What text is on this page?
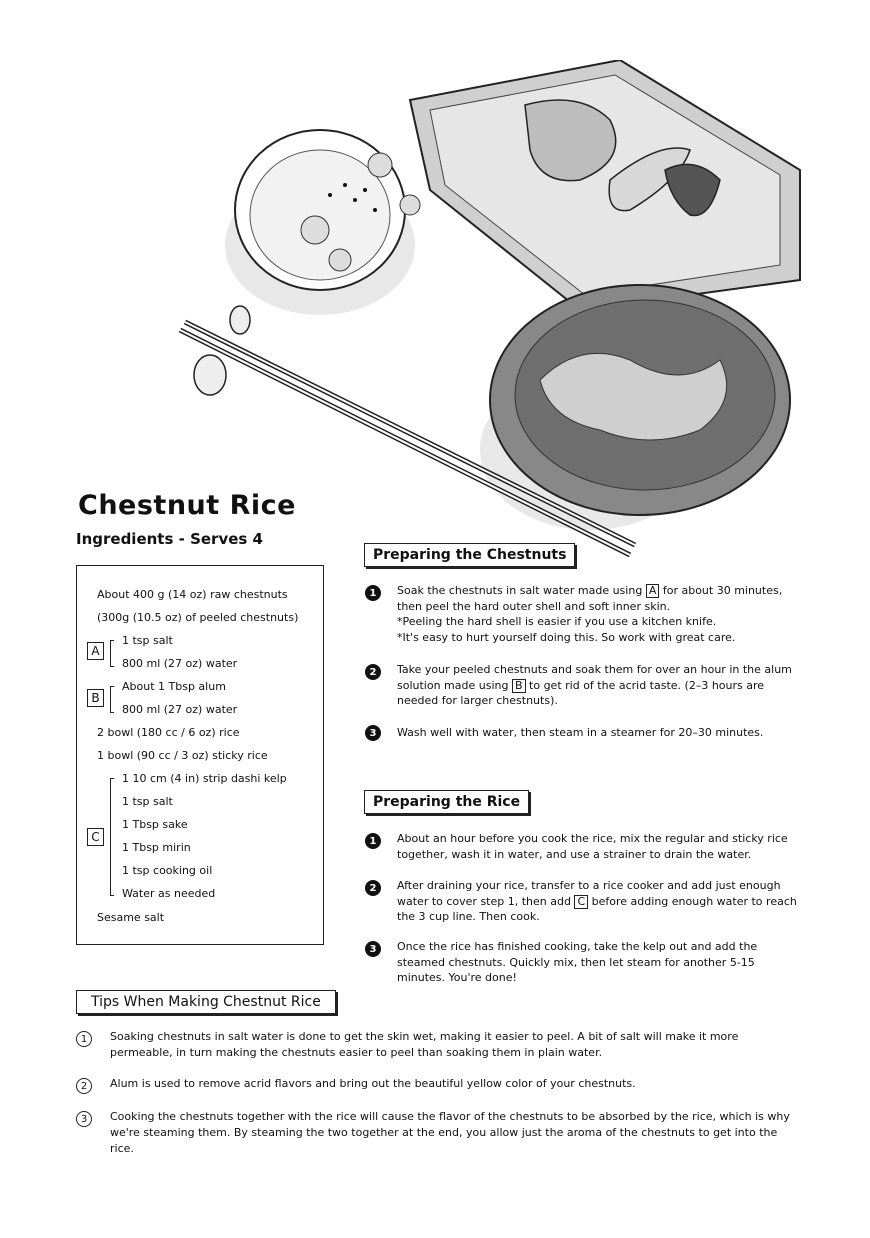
Chestnut Rice
Ingredients - Serves 4
About 400 g (14 oz) raw chestnuts
(300g (10.5 oz) of peeled chestnuts)
A
1 tsp salt
800 ml (27 oz) water
B
About 1 Tbsp alum
800 ml (27 oz) water
2 bowl (180 cc / 6 oz) rice
1 bowl (90 cc / 3 oz) sticky rice
C
1 10 cm (4 in) strip dashi kelp
1 tsp salt
1 Tbsp sake
1 Tbsp mirin
1 tsp cooking oil
Water as needed
Sesame salt
Preparing the Chestnuts
1	Soak the chestnuts in salt water made using A for about 30 minutes, then peel the hard outer shell and soft inner skin.
*Peeling the hard shell is easier if you use a kitchen knife.
*It's easy to hurt yourself doing this. So work with great care.
2	Take your peeled chestnuts and soak them for over an hour in the alum solution made using B to get rid of the acrid taste. (2–3 hours are needed for larger chestnuts).
3	Wash well with water, then steam in a steamer for 20–30 minutes.
Preparing the Rice
1	About an hour before you cook the rice, mix the regular and sticky rice together, wash it in water, and use a strainer to drain the water.
2	After draining your rice, transfer to a rice cooker and add just enough water to cover step 1, then add C before adding enough water to reach the 3 cup line. Then cook.
3	Once the rice has finished cooking, take the kelp out and add the steamed chestnuts. Quickly mix, then let steam for another 5-15 minutes. You're done!
Tips When Making Chestnut Rice
1	Soaking chestnuts in salt water is done to get the skin wet, making it easier to peel. A bit of salt will make it more permeable, in turn making the chestnuts easier to peel than soaking them in plain water.
2	Alum is used to remove acrid flavors and bring out the beautiful yellow color of your chestnuts.
3	Cooking the chestnuts together with the rice will cause the flavor of the chestnuts to be absorbed by the rice, which is why we're steaming them. By steaming the two together at the end, you allow just the aroma of the chestnuts to get into the rice.
